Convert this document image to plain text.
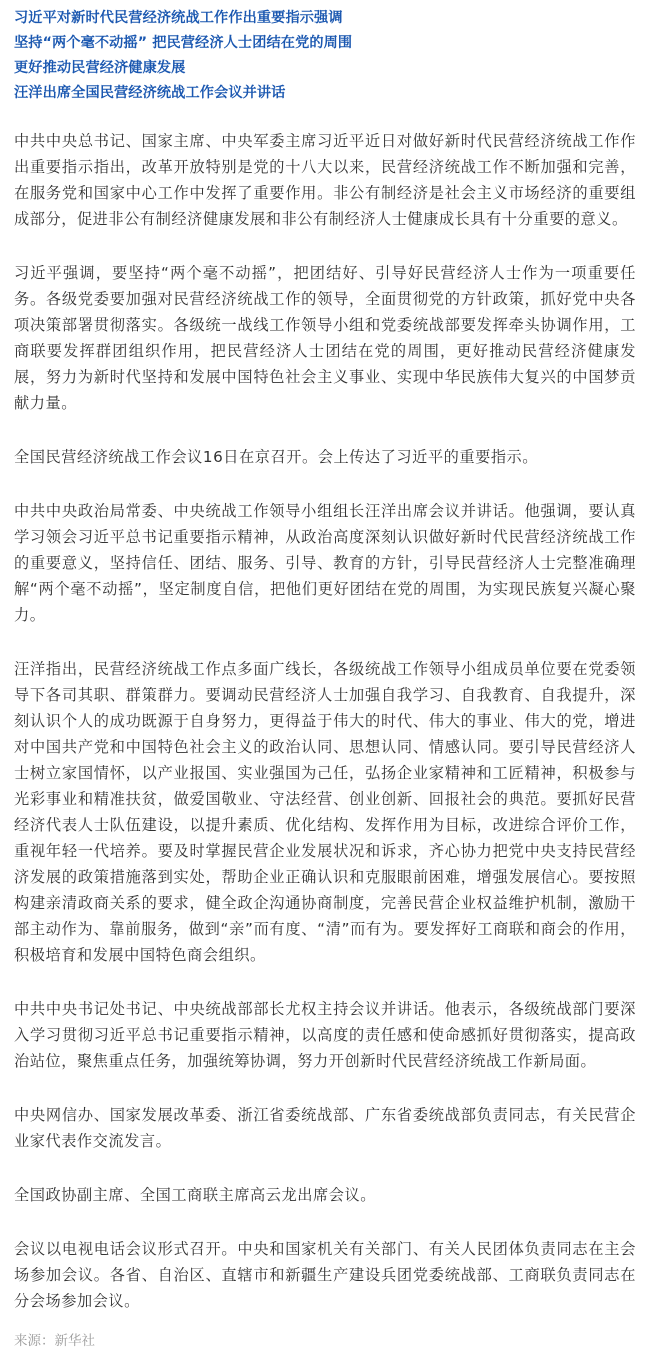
习近平对新时代民营经济统战工作作出重要指示强调
坚持“两个毫不动摇” 把民营经济人士团结在党的周围
更好推动民营经济健康发展
汪洋出席全国民营经济统战工作会议并讲话

中共中央总书记、国家主席、中央军委主席习近平近日对做好新时代民营经济统战工作作出重要指示指出，改革开放特别是党的十八大以来，民营经济统战工作不断加强和完善，在服务党和国家中心工作中发挥了重要作用。非公有制经济是社会主义市场经济的重要组成部分，促进非公有制经济健康发展和非公有制经济人士健康成长具有十分重要的意义。

习近平强调，要坚持“两个毫不动摇”，把团结好、引导好民营经济人士作为一项重要任务。各级党委要加强对民营经济统战工作的领导，全面贯彻党的方针政策，抓好党中央各项决策部署贯彻落实。各级统一战线工作领导小组和党委统战部要发挥牵头协调作用，工商联要发挥群团组织作用，把民营经济人士团结在党的周围，更好推动民营经济健康发展，努力为新时代坚持和发展中国特色社会主义事业、实现中华民族伟大复兴的中国梦贡献力量。

全国民营经济统战工作会议16日在京召开。会上传达了习近平的重要指示。

中共中央政治局常委、中央统战工作领导小组组长汪洋出席会议并讲话。他强调，要认真学习领会习近平总书记重要指示精神，从政治高度深刻认识做好新时代民营经济统战工作的重要意义，坚持信任、团结、服务、引导、教育的方针，引导民营经济人士完整准确理解“两个毫不动摇”，坚定制度自信，把他们更好团结在党的周围，为实现民族复兴凝心聚力。

汪洋指出，民营经济统战工作点多面广线长，各级统战工作领导小组成员单位要在党委领导下各司其职、群策群力。要调动民营经济人士加强自我学习、自我教育、自我提升，深刻认识个人的成功既源于自身努力，更得益于伟大的时代、伟大的事业、伟大的党，增进对中国共产党和中国特色社会主义的政治认同、思想认同、情感认同。要引导民营经济人士树立家国情怀，以产业报国、实业强国为己任，弘扬企业家精神和工匠精神，积极参与光彩事业和精准扶贫，做爱国敬业、守法经营、创业创新、回报社会的典范。要抓好民营经济代表人士队伍建设，以提升素质、优化结构、发挥作用为目标，改进综合评价工作，重视年轻一代培养。要及时掌握民营企业发展状况和诉求，齐心协力把党中央支持民营经济发展的政策措施落到实处，帮助企业正确认识和克服眼前困难，增强发展信心。要按照构建亲清政商关系的要求，健全政企沟通协商制度，完善民营企业权益维护机制，激励干部主动作为、靠前服务，做到“亲”而有度、“清”而有为。要发挥好工商联和商会的作用，积极培育和发展中国特色商会组织。

中共中央书记处书记、中央统战部部长尤权主持会议并讲话。他表示，各级统战部门要深入学习贯彻习近平总书记重要指示精神，以高度的责任感和使命感抓好贯彻落实，提高政治站位，聚焦重点任务，加强统筹协调，努力开创新时代民营经济统战工作新局面。

中央网信办、国家发展改革委、浙江省委统战部、广东省委统战部负责同志，有关民营企业家代表作交流发言。

全国政协副主席、全国工商联主席高云龙出席会议。

会议以电视电话会议形式召开。中央和国家机关有关部门、有关人民团体负责同志在主会场参加会议。各省、自治区、直辖市和新疆生产建设兵团党委统战部、工商联负责同志在分会场参加会议。

来源：新华社
